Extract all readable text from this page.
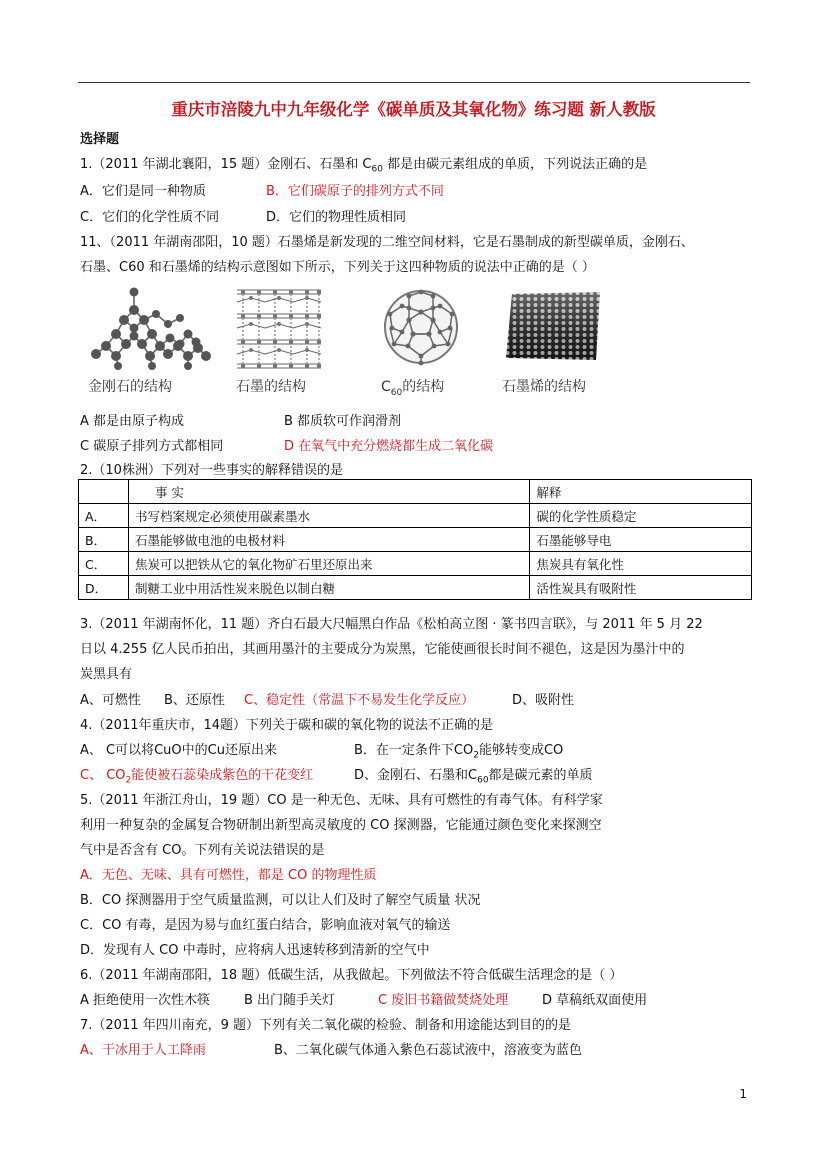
重庆市涪陵九中九年级化学《碳单质及其氧化物》练习题 新人教版
选择题
1.（2011 年湖北襄阳，15 题）金刚石、石墨和 $C_{60}$ 都是由碳元素组成的单质，下列说法正确的是
A．它们是同一种物质	B．它们碳原子的排列方式不同
C．它们的化学性质不同	D．它们的物理性质相同
11、（2011 年湖南邵阳，10 题）石墨烯是新发现的二维空间材料，它是石墨制成的新型碳单质，金刚石、
石墨、C60 和石墨烯的结构示意图如下所示，下列关于这四种物质的说法中正确的是（ ）
金刚石的结构	石墨的结构	$C_{60}$的结构	石墨烯的结构
A 都是由原子构成	B 都质软可作润滑剂
C 碳原子排列方式都相同	D 在氧气中充分燃烧都生成二氧化碳
2.（10株洲）下列对一些事实的解释错误的是
	事 实	解释
A．	书写档案规定必须使用碳素墨水	碳的化学性质稳定
B．	石墨能够做电池的电极材料	石墨能够导电
C．	焦炭可以把铁从它的氧化物矿石里还原出来	焦炭具有氧化性
D．	制糖工业中用活性炭来脱色以制白糖	活性炭具有吸附性
3.（2011 年湖南怀化，11 题）齐白石最大尺幅黑白作品《松柏高立图 · 篆书四言联》，与 2011 年 5 月 22
日以 4.255 亿人民币拍出，其画用墨汁的主要成分为炭黑，它能使画很长时间不褪色，这是因为墨汁中的
炭黑具有
A、可燃性 B、还原性 C、稳定性（常温下不易发生化学反应）	D、吸附性
4.（2011年重庆市，14题）下列关于碳和碳的氧化物的说法不正确的是
A、 C可以将CuO中的Cu还原出来	B．在一定条件下$CO_2$能够转变成CO
C、 $CO_2$能使被石蕊染成紫色的干花变红	D、金刚石、石墨和$C_{60}$都是碳元素的单质
5.（2011 年浙江舟山，19 题）CO 是一种无色、无味、具有可燃性的有毒气体。有科学家
利用一种复杂的金属复合物研制出新型高灵敏度的 CO 探测器，它能通过颜色变化来探测空
气中是否含有 CO。下列有关说法错误的是
A．无色、无味、具有可燃性，都是 CO 的物理性质
B．CO 探测器用于空气质量监测，可以让人们及时了解空气质量 状况
C．CO 有毒，是因为易与血红蛋白结合，影响血液对氧气的输送
D．发现有人 CO 中毒时，应将病人迅速转移到清新的空气中
6.（2011 年湖南邵阳，18 题）低碳生活，从我做起。下列做法不符合低碳生活理念的是（ ）
A 拒绝使用一次性木筷	B 出门随手关灯	C 废旧书籍做焚烧处理	D 草稿纸双面使用
7.（2011 年四川南充，9 题）下列有关二氧化碳的检验、制备和用途能达到目的的是
A、干冰用于人工降雨	B、二氧化碳气体通入紫色石蕊试液中，溶液变为蓝色
1
